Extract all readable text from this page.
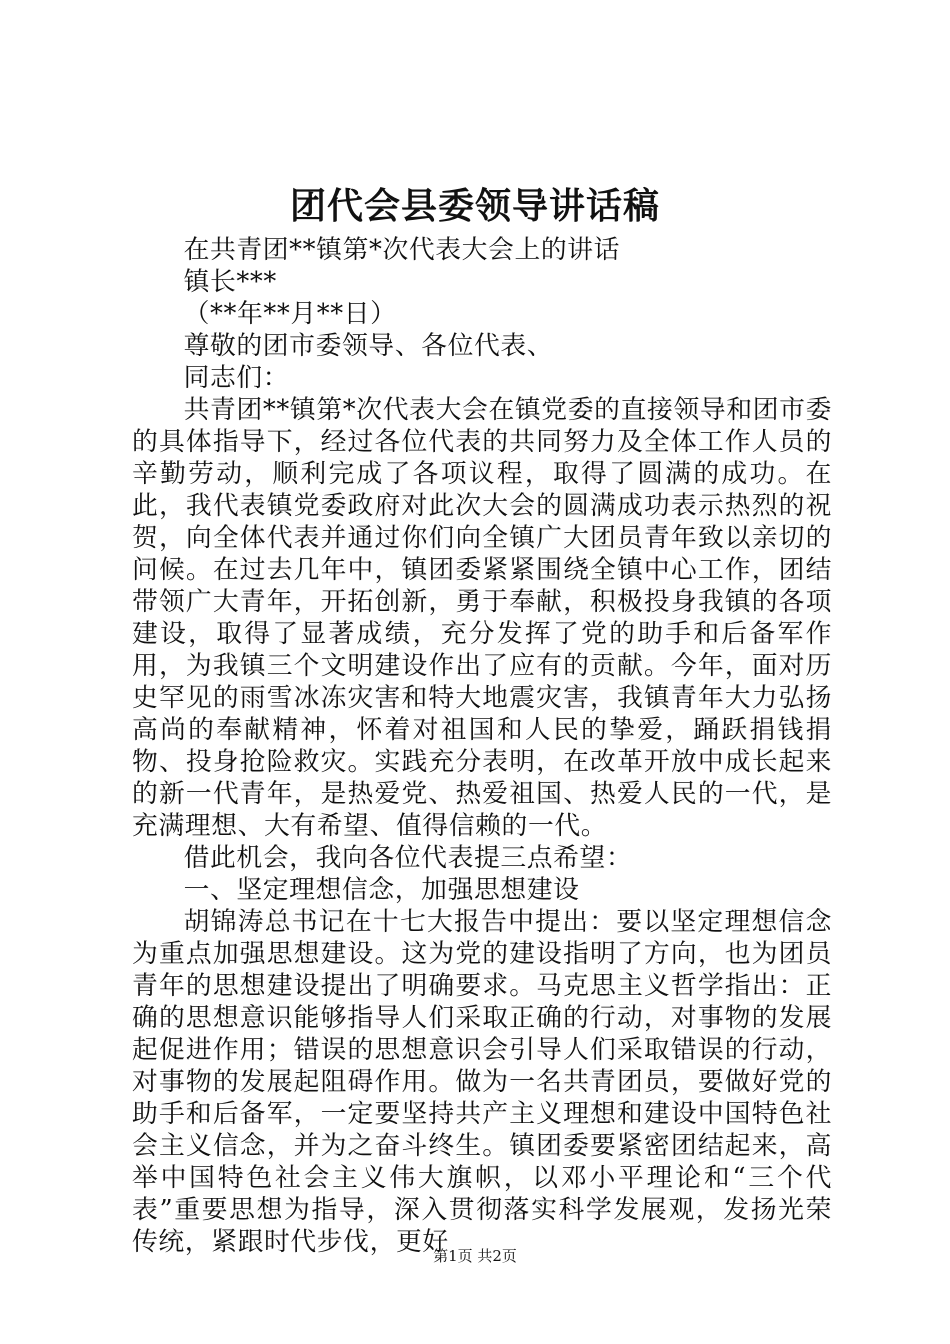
团代会县委领导讲话稿

在共青团**镇第*次代表大会上的讲话

镇长***

（**年**月**日）

尊敬的团市委领导、各位代表、

同志们：

共青团**镇第*次代表大会在镇党委的直接领导和团市委的具体指导下，经过各位代表的共同努力及全体工作人员的辛勤劳动，顺利完成了各项议程，取得了圆满的成功。在此，我代表镇党委政府对此次大会的圆满成功表示热烈的祝贺，向全体代表并通过你们向全镇广大团员青年致以亲切的问候。在过去几年中，镇团委紧紧围绕全镇中心工作，团结带领广大青年，开拓创新，勇于奉献，积极投身我镇的各项建设，取得了显著成绩，充分发挥了党的助手和后备军作用，为我镇三个文明建设作出了应有的贡献。今年，面对历史罕见的雨雪冰冻灾害和特大地震灾害，我镇青年大力弘扬高尚的奉献精神，怀着对祖国和人民的挚爱，踊跃捐钱捐物、投身抢险救灾。实践充分表明，在改革开放中成长起来的新一代青年，是热爱党、热爱祖国、热爱人民的一代，是充满理想、大有希望、值得信赖的一代。

借此机会，我向各位代表提三点希望：

一、坚定理想信念，加强思想建设

胡锦涛总书记在十七大报告中提出：要以坚定理想信念为重点加强思想建设。这为党的建设指明了方向，也为团员青年的思想建设提出了明确要求。马克思主义哲学指出：正确的思想意识能够指导人们采取正确的行动，对事物的发展起促进作用；错误的思想意识会引导人们采取错误的行动，对事物的发展起阻碍作用。做为一名共青团员，要做好党的助手和后备军，一定要坚持共产主义理想和建设中国特色社会主义信念，并为之奋斗终生。镇团委要紧密团结起来，高举中国特色社会主义伟大旗帜，以邓小平理论和“三个代表”重要思想为指导，深入贯彻落实科学发展观，发扬光荣传统，紧跟时代步伐，更好

第1页 共2页
